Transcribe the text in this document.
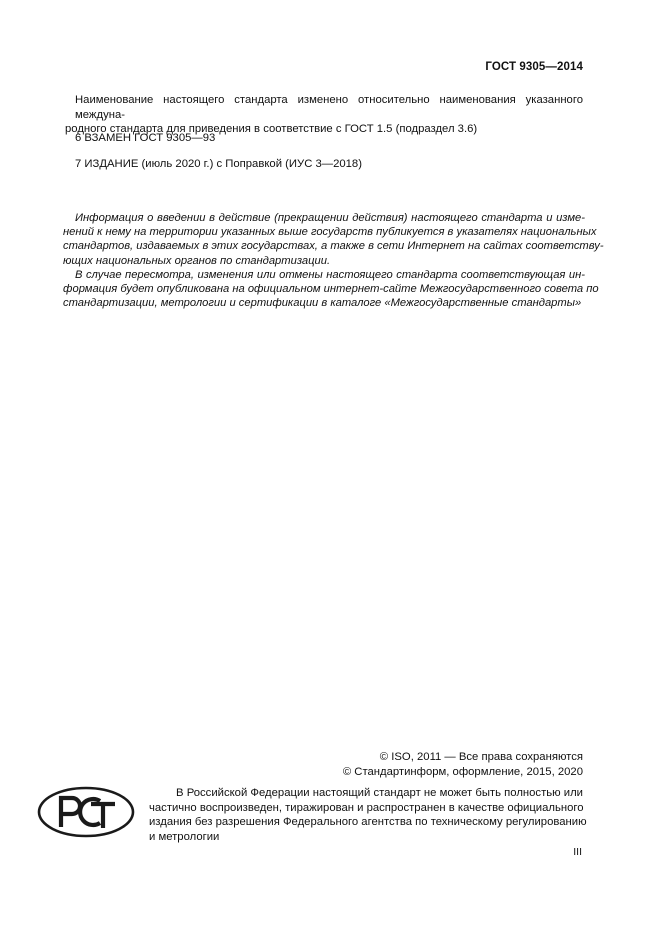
ГОСТ 9305—2014
Наименование настоящего стандарта изменено относительно наименования указанного междуна-
родного стандарта для приведения в соответствие с ГОСТ 1.5 (подраздел 3.6)
6 ВЗАМЕН ГОСТ 9305—93
7 ИЗДАНИЕ (июль 2020 г.) с Поправкой (ИУС 3—2018)
Информация о введении в действие (прекращении действия) настоящего стандарта и изме-
нений к нему на территории указанных выше государств публикуется в указателях национальных
стандартов, издаваемых в этих государствах, а также в сети Интернет на сайтах соответству-
ющих национальных органов по стандартизации.
В случае пересмотра, изменения или отмены настоящего стандарта соответствующая ин-
формация будет опубликована на официальном интернет-сайте Межгосударственного совета по
стандартизации, метрологии и сертификации в каталоге «Межгосударственные стандарты»
© ISO, 2011 — Все права сохраняются
© Стандартинформ, оформление, 2015, 2020
В Российской Федерации настоящий стандарт не может быть полностью или
частично воспроизведен, тиражирован и распространен в качестве официального
издания без разрешения Федерального агентства по техническому регулированию
и метрологии
III
